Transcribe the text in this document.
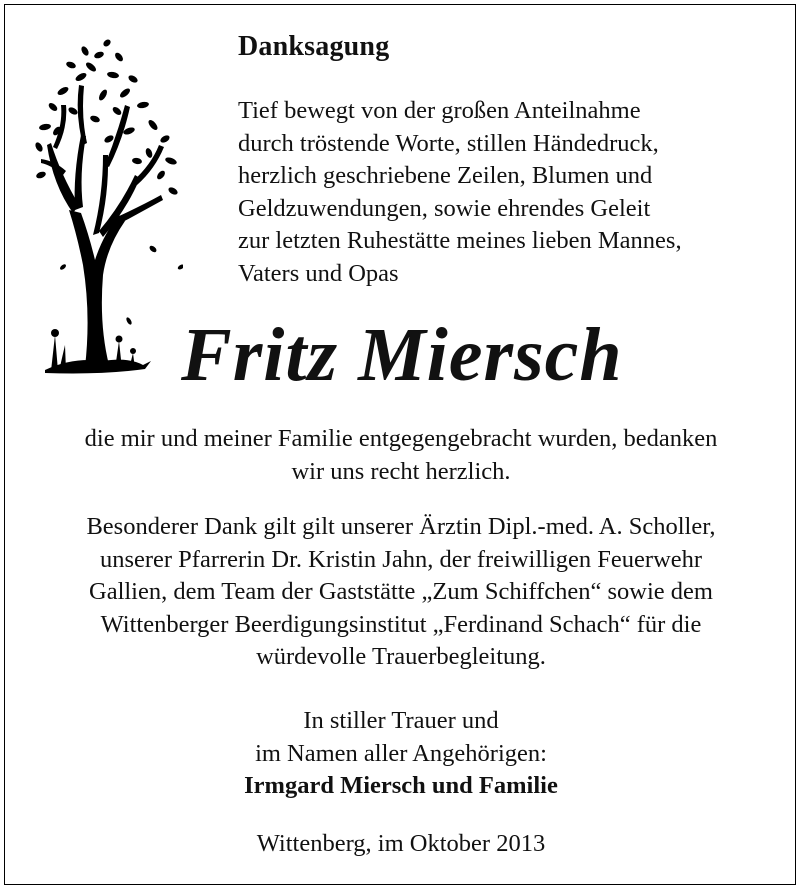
Danksagung
Tief bewegt von der großen Anteilnahme
durch tröstende Worte, stillen Händedruck,
herzlich geschriebene Zeilen, Blumen und
Geldzuwendungen, sowie ehrendes Geleit
zur letzten Ruhestätte meines lieben Mannes,
Vaters und Opas
Fritz Miersch
die mir und meiner Familie entgegengebracht wurden, bedanken
wir uns recht herzlich.
Besonderer Dank gilt gilt unserer Ärztin Dipl.-med. A. Scholler,
unserer Pfarrerin Dr. Kristin Jahn, der freiwilligen Feuerwehr
Gallien, dem Team der Gaststätte „Zum Schiffchen“ sowie dem
Wittenberger Beerdigungsinstitut „Ferdinand Schach“ für die
würdevolle Trauerbegleitung.
In stiller Trauer und
im Namen aller Angehörigen:
Irmgard Miersch und Familie
Wittenberg, im Oktober 2013
